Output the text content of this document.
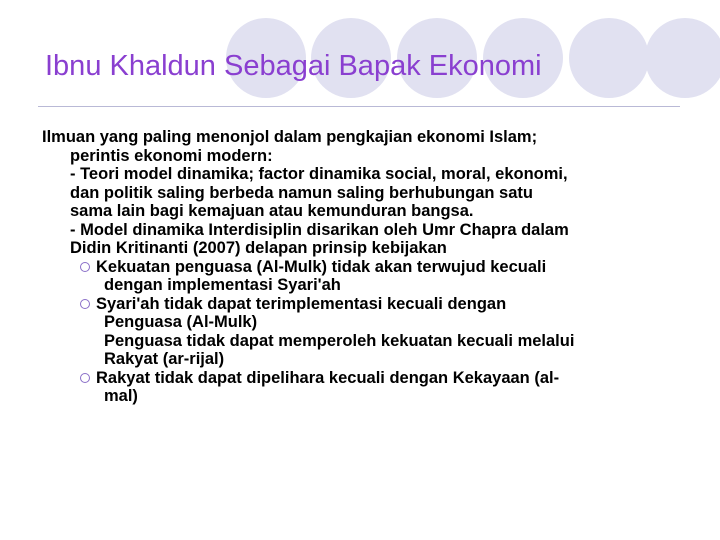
Ibnu Khaldun Sebagai Bapak Ekonomi
Ilmuan yang paling menonjol dalam pengkajian ekonomi Islam;
perintis ekonomi modern:
- Teori model dinamika; factor dinamika social, moral, ekonomi,
dan politik saling berbeda namun saling berhubungan satu
sama lain bagi kemajuan atau kemunduran bangsa.
- Model dinamika Interdisiplin disarikan oleh Umr Chapra dalam
Didin Kritinanti (2007) delapan prinsip kebijakan
Kekuatan penguasa (Al-Mulk) tidak akan terwujud kecuali
dengan implementasi Syari'ah
Syari'ah tidak dapat terimplementasi kecuali dengan
Penguasa (Al-Mulk)
Penguasa tidak dapat memperoleh kekuatan kecuali melalui
Rakyat (ar-rijal)
Rakyat tidak dapat dipelihara kecuali dengan Kekayaan (al-
mal)
